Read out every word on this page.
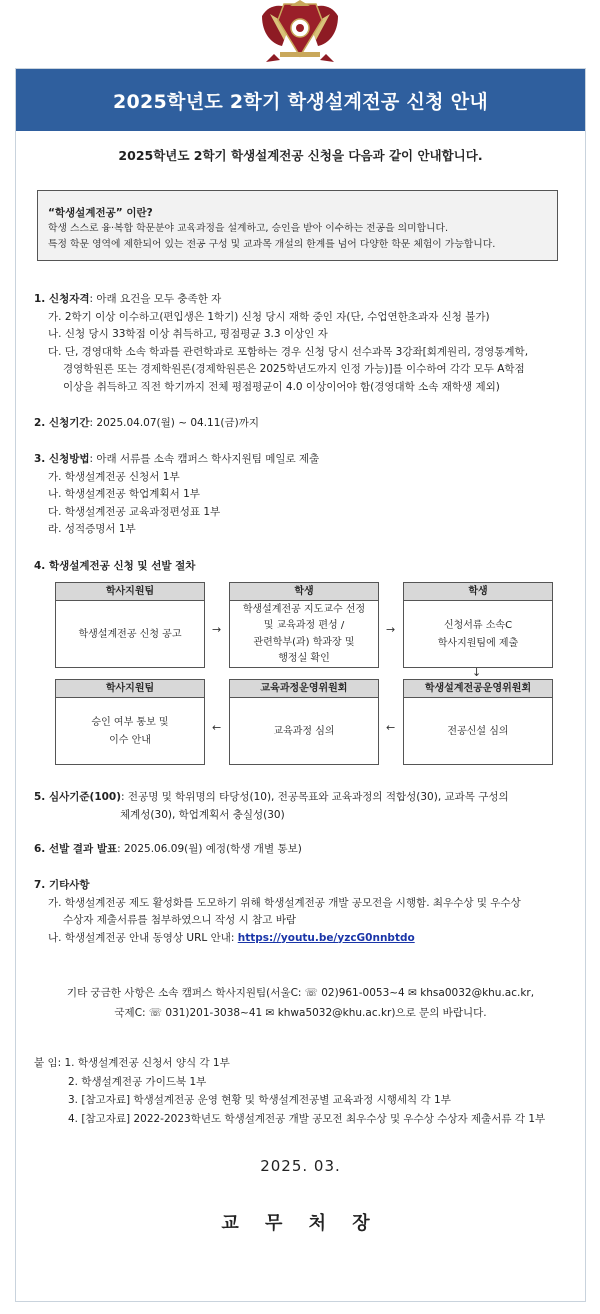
2025학년도 2학기 학생설계전공 신청 안내
2025학년도 2학기 학생설계전공 신청을 다음과 같이 안내합니다.
“학생설계전공” 이란?
학생 스스로 융·복합 학문분야 교육과정을 설계하고, 승인을 받아 이수하는 전공을 의미합니다.
특정 학문 영역에 제한되어 있는 전공 구성 및 교과목 개설의 한계를 넘어 다양한 학문 체험이 가능합니다.
1. 신청자격: 아래 요건을 모두 충족한 자
가. 2학기 이상 이수하고(편입생은 1학기) 신청 당시 재학 중인 자(단, 수업연한초과자 신청 불가)
나. 신청 당시 33학점 이상 취득하고, 평점평균 3.3 이상인 자
다. 단, 경영대학 소속 학과를 관련학과로 포함하는 경우 신청 당시 선수과목 3강좌[회계원리, 경영통계학,
경영학원론 또는 경제학원론(경제학원론은 2025학년도까지 인정 가능)]를 이수하여 각각 모두 A학점
이상을 취득하고 직전 학기까지 전체 평점평균이 4.0 이상이어야 함(경영대학 소속 재학생 제외)
2. 신청기간: 2025.04.07(월) ~ 04.11(금)까지
3. 신청방법: 아래 서류를 소속 캠퍼스 학사지원팀 메일로 제출
가. 학생설계전공 신청서 1부
나. 학생설계전공 학업계획서 1부
다. 학생설계전공 교육과정편성표 1부
라. 성적증명서 1부
4. 학생설계전공 신청 및 선발 절차
학사지원팀
학생설계전공 신청 공고	→
학생
학생설계전공 지도교수 선정
및 교육과정 편성 /
관련학부(과) 학과장 및
행정실 확인
→
학생
신청서류 소속C
학사지원팀에 제출
↓
학사지원팀
승인 여부 통보 및
이수 안내
←
교육과정운영위원회
교육과정 심의	←
학생설계전공운영위원회
전공신설 심의
5. 심사기준(100): 전공명 및 학위명의 타당성(10), 전공목표와 교육과정의 적합성(30), 교과목 구성의
체계성(30), 학업계획서 충실성(30)
6. 선발 결과 발표: 2025.06.09(월) 예정(학생 개별 통보)
7. 기타사항
가. 학생설계전공 제도 활성화를 도모하기 위해 학생설계전공 개발 공모전을 시행함. 최우수상 및 우수상
수상자 제출서류를 첨부하였으니 작성 시 참고 바람
나. 학생설계전공 안내 동영상 URL 안내: https://youtu.be/yzcG0nnbtdo
기타 궁금한 사항은 소속 캠퍼스 학사지원팀(서울C: ☏ 02)961-0053~4 ✉ khsa0032@khu.ac.kr,
국제C: ☏ 031)201-3038~41 ✉ khwa5032@khu.ac.kr)으로 문의 바랍니다.
붙 임: 1. 학생설계전공 신청서 양식 각 1부
2. 학생설계전공 가이드북 1부
3. [참고자료] 학생설계전공 운영 현황 및 학생설계전공별 교육과정 시행세칙 각 1부
4. [참고자료] 2022-2023학년도 학생설계전공 개발 공모전 최우수상 및 우수상 수상자 제출서류 각 1부
2025. 03.
교 무 처 장
